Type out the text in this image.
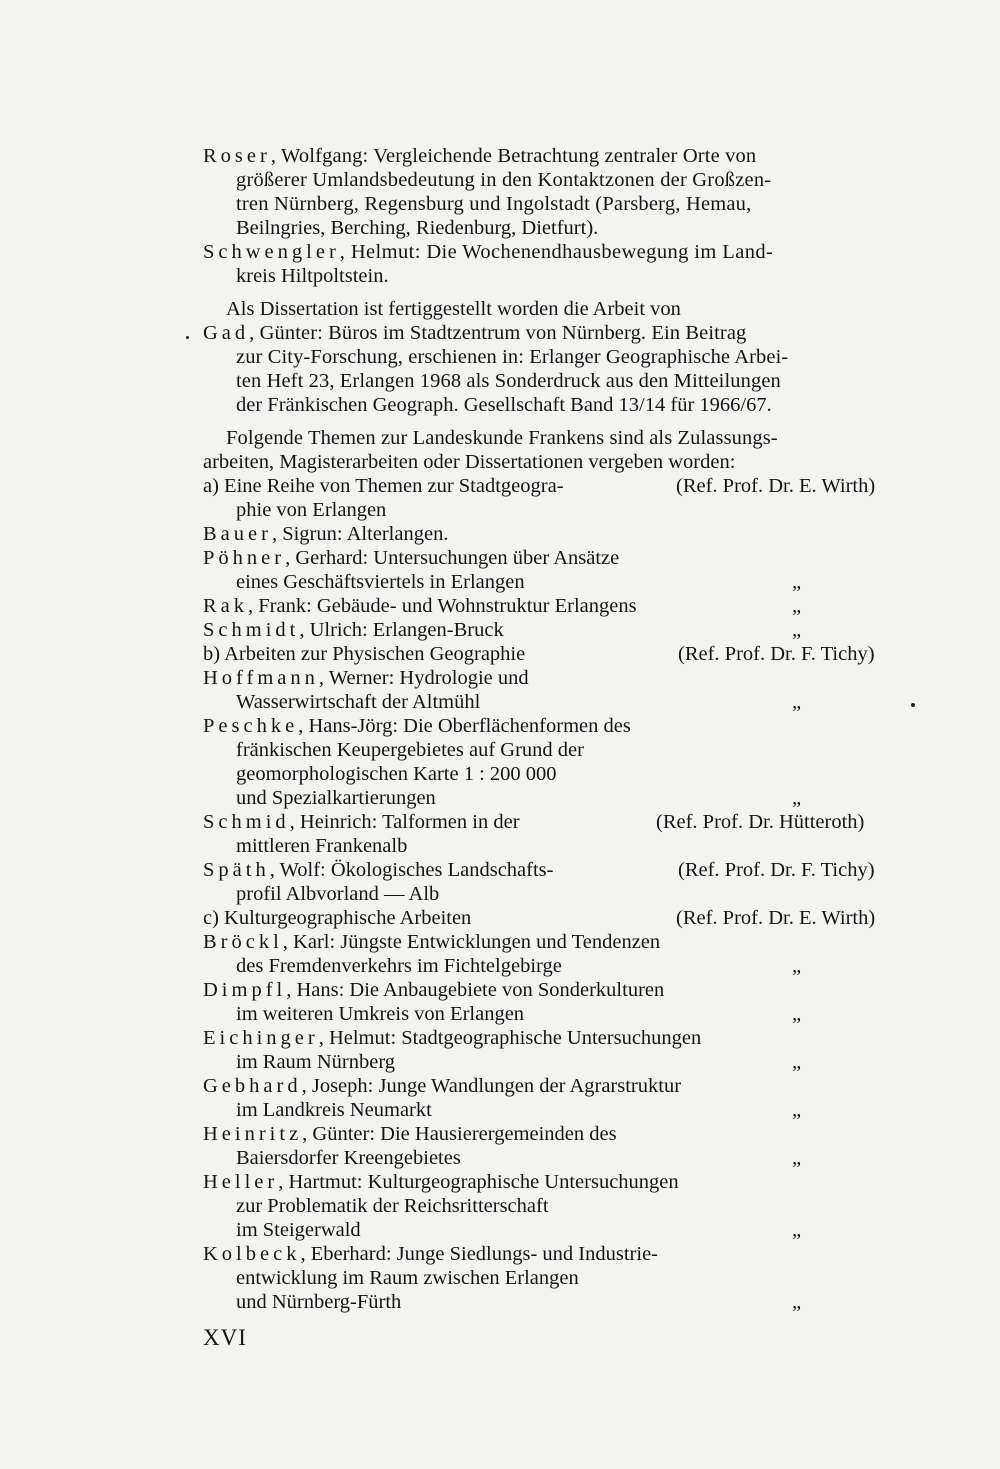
Roser, Wolfgang: Vergleichende Betrachtung zentraler Orte von
größerer Umlandsbedeutung in den Kontaktzonen der Großzen-
tren Nürnberg, Regensburg und Ingolstadt (Parsberg, Hemau,
Beilngries, Berching, Riedenburg, Dietfurt).
Schwengler, Helmut: Die Wochenendhausbewegung im Land-
kreis Hiltpoltstein.
Als Dissertation ist fertiggestellt worden die Arbeit von
Gad, Günter: Büros im Stadtzentrum von Nürnberg. Ein Beitrag
zur City-Forschung, erschienen in: Erlanger Geographische Arbei-
ten Heft 23, Erlangen 1968 als Sonderdruck aus den Mitteilungen
der Fränkischen Geograph. Gesellschaft Band 13/14 für 1966/67.
Folgende Themen zur Landeskunde Frankens sind als Zulassungs-
arbeiten, Magisterarbeiten oder Dissertationen vergeben worden:
a) Eine Reihe von Themen zur Stadtgeogra-	(Ref. Prof. Dr. E. Wirth)
phie von Erlangen
Bauer, Sigrun: Alterlangen.
Pöhner, Gerhard: Untersuchungen über Ansätze
eines Geschäftsviertels in Erlangen	„
Rak, Frank: Gebäude- und Wohnstruktur Erlangens	„
Schmidt, Ulrich: Erlangen-Bruck	„
b) Arbeiten zur Physischen Geographie	(Ref. Prof. Dr. F. Tichy)
Hoffmann, Werner: Hydrologie und
Wasserwirtschaft der Altmühl	„
Peschke, Hans-Jörg: Die Oberflächenformen des
fränkischen Keupergebietes auf Grund der
geomorphologischen Karte 1 : 200 000
und Spezialkartierungen	„
Schmid, Heinrich: Talformen in der	(Ref. Prof. Dr. Hütteroth)
mittleren Frankenalb
Späth, Wolf: Ökologisches Landschafts-	(Ref. Prof. Dr. F. Tichy)
profil Albvorland — Alb
c) Kulturgeographische Arbeiten	(Ref. Prof. Dr. E. Wirth)
Bröckl, Karl: Jüngste Entwicklungen und Tendenzen
des Fremdenverkehrs im Fichtelgebirge	„
Dimpfl, Hans: Die Anbaugebiete von Sonderkulturen
im weiteren Umkreis von Erlangen	„
Eichinger, Helmut: Stadtgeographische Untersuchungen
im Raum Nürnberg	„
Gebhard, Joseph: Junge Wandlungen der Agrarstruktur
im Landkreis Neumarkt	„
Heinritz, Günter: Die Hausierergemeinden des
Baiersdorfer Kreengebietes	„
Heller, Hartmut: Kulturgeographische Untersuchungen
zur Problematik der Reichsritterschaft
im Steigerwald	„
Kolbeck, Eberhard: Junge Siedlungs- und Industrie-
entwicklung im Raum zwischen Erlangen
und Nürnberg-Fürth	„
XVI
